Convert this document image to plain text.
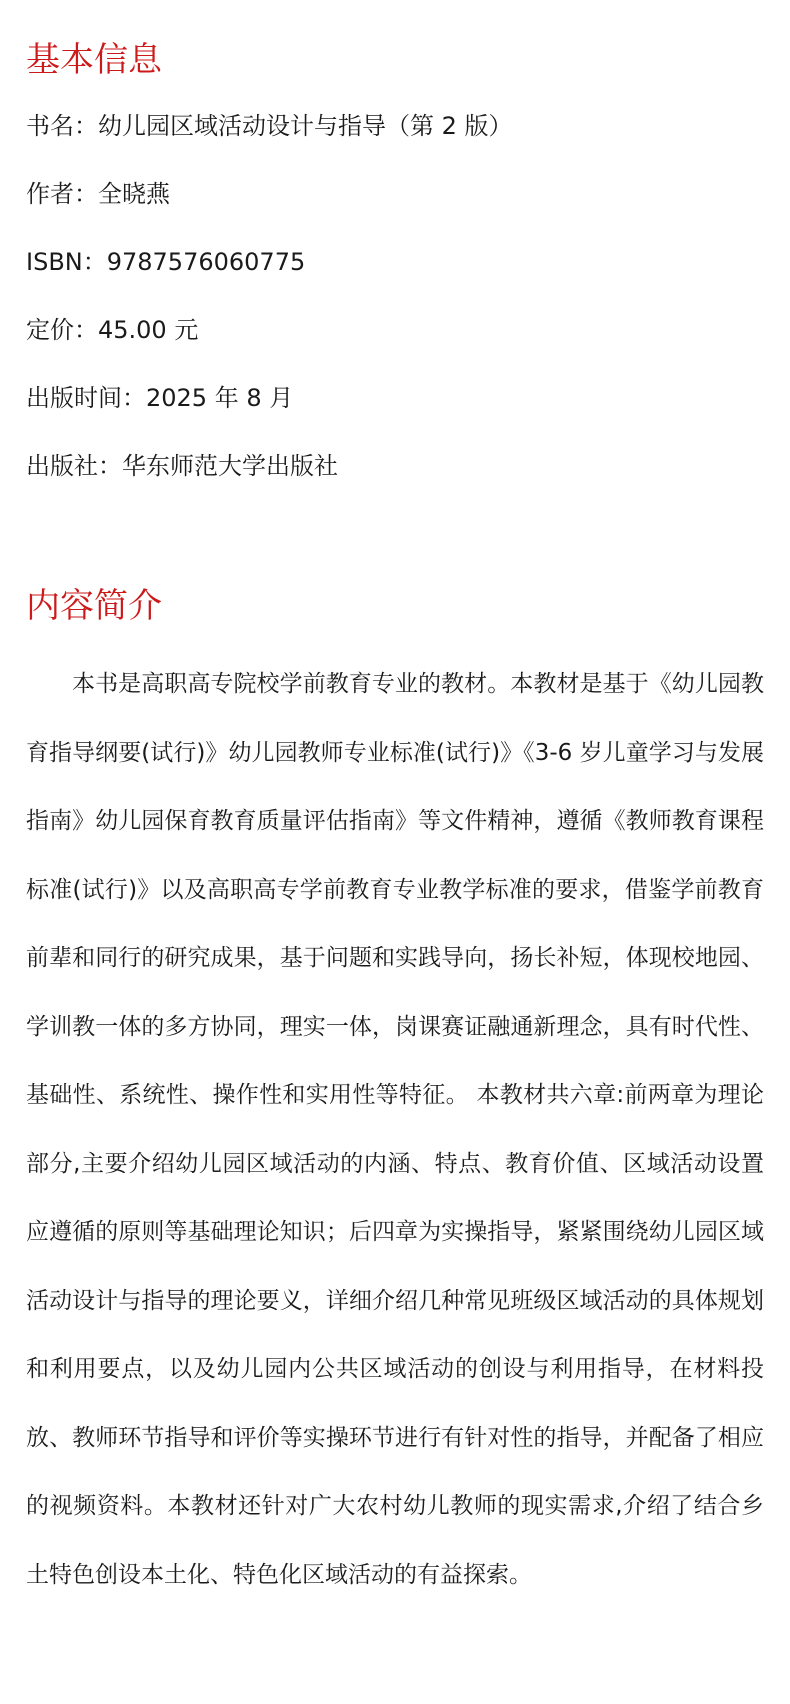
基本信息
书名：幼儿园区域活动设计与指导（第 2 版）
作者：全晓燕
ISBN：9787576060775
定价：45.00 元
出版时间：2025 年 8 月
出版社：华东师范大学出版社
内容简介

本书是高职高专院校学前教育专业的教材。本教材是基于《幼儿园教育指导纲要(试行)》幼儿园教师专业标准(试行)》《3-6 岁儿童学习与发展指南》幼儿园保育教育质量评估指南》等文件精神，遵循《教师教育课程标准(试行)》以及高职高专学前教育专业教学标准的要求，借鉴学前教育前辈和同行的研究成果，基于问题和实践导向，扬长补短，体现校地园、学训教一体的多方协同，理实一体，岗课赛证融通新理念，具有时代性、基础性、系统性、操作性和实用性等特征。 本教材共六章:前两章为理论部分,主要介绍幼儿园区域活动的内涵、特点、教育价值、区域活动设置应遵循的原则等基础理论知识；后四章为实操指导，紧紧围绕幼儿园区域活动设计与指导的理论要义，详细介绍几种常见班级区域活动的具体规划和利用要点，以及幼儿园内公共区域活动的创设与利用指导，在材料投放、教师环节指导和评价等实操环节进行有针对性的指导，并配备了相应的视频资料。本教材还针对广大农村幼儿教师的现实需求,介绍了结合乡土特色创设本土化、特色化区域活动的有益探索。
